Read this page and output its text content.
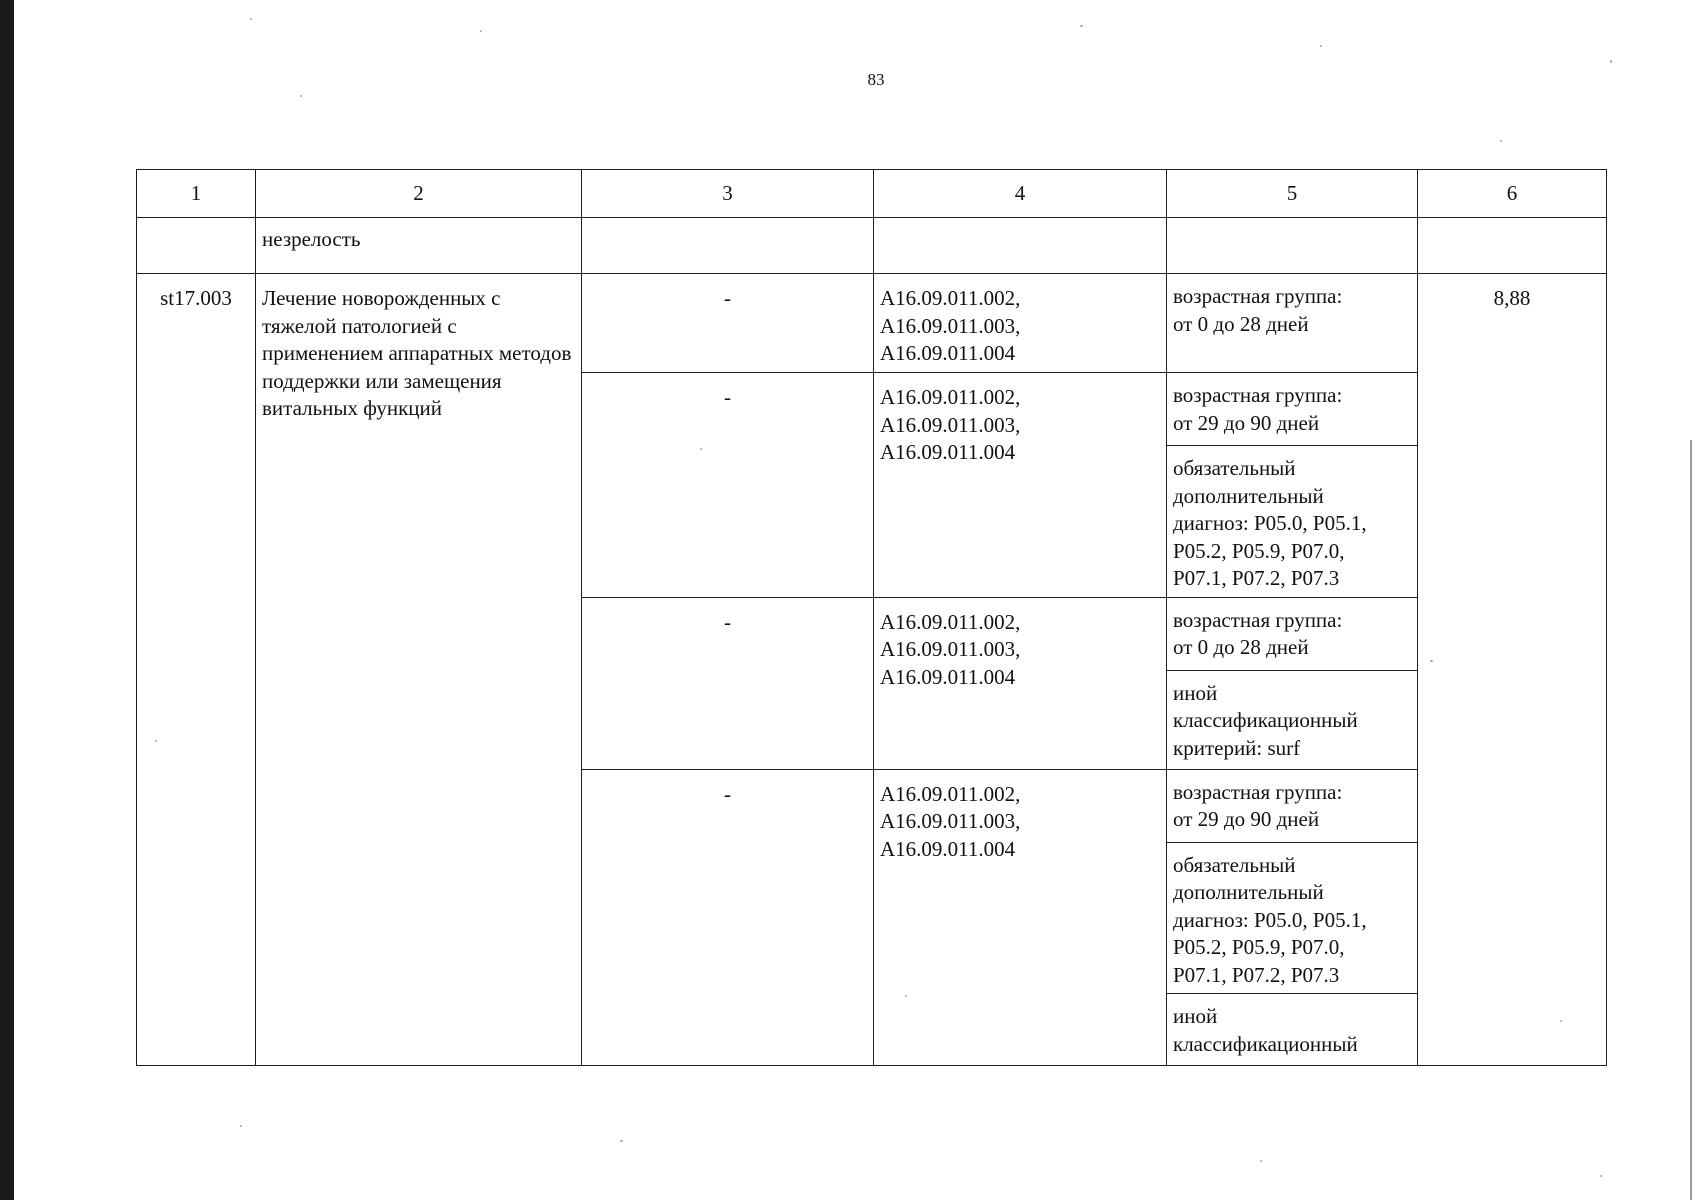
83
1	2	3	4	5	6
	незрелость				
st17.003	Лечение новорожденных с тяжелой патологией с применением аппаратных методов поддержки или замещения витальных функций	-	A16.09.011.002,
A16.09.011.003,
A16.09.011.004	возрастная группа:
от 0 до 28 дней	8,88
		-	A16.09.011.002,
A16.09.011.003,
A16.09.011.004	возрастная группа:
от 29 до 90 дней	
				обязательный
дополнительный
диагноз: P05.0, P05.1,
P05.2, P05.9, P07.0,
P07.1, P07.2, P07.3	
		-	A16.09.011.002,
A16.09.011.003,
A16.09.011.004	возрастная группа:
от 0 до 28 дней	
				иной
классификационный
критерий: surf	
		-	A16.09.011.002,
A16.09.011.003,
A16.09.011.004	возрастная группа:
от 29 до 90 дней	
				обязательный
дополнительный
диагноз: P05.0, P05.1,
P05.2, P05.9, P07.0,
P07.1, P07.2, P07.3	
				иной
классификационный	
